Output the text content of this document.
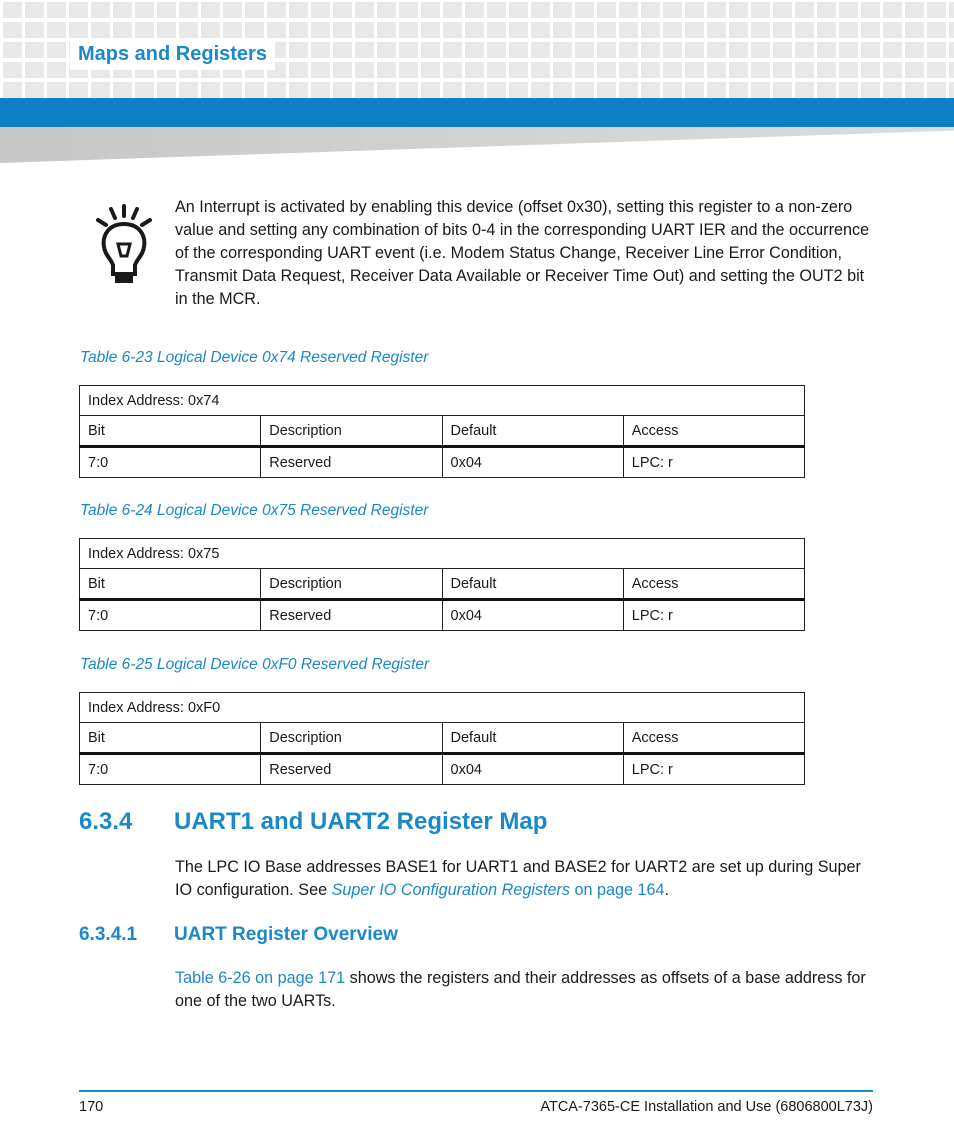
Maps and Registers

An Interrupt is activated by enabling this device (offset 0x30), setting this register to a non-zero value and setting any combination of bits 0-4 in the corresponding UART IER and the occurrence of the corresponding UART event (i.e. Modem Status Change, Receiver Line Error Condition, Transmit Data Request, Receiver Data Available or Receiver Time Out) and setting the OUT2 bit in the MCR.

Table 6-23 Logical Device 0x74 Reserved Register

Index Address: 0x74			
Bit	Description	Default	Access
7:0	Reserved	0x04	LPC: r

Table 6-24 Logical Device 0x75 Reserved Register

Index Address: 0x75			
Bit	Description	Default	Access
7:0	Reserved	0x04	LPC: r

Table 6-25 Logical Device 0xF0 Reserved Register

Index Address: 0xF0			
Bit	Description	Default	Access
7:0	Reserved	0x04	LPC: r
6.3.4 UART1 and UART2 Register Map

The LPC IO Base addresses BASE1 for UART1 and BASE2 for UART2 are set up during Super IO configuration. See Super IO Configuration Registers on page 164.

6.3.4.1 UART Register Overview

Table 6-26 on page 171 shows the registers and their addresses as offsets of a base address for one of the two UARTs.

170	ATCA-7365-CE Installation and Use (6806800L73J)
